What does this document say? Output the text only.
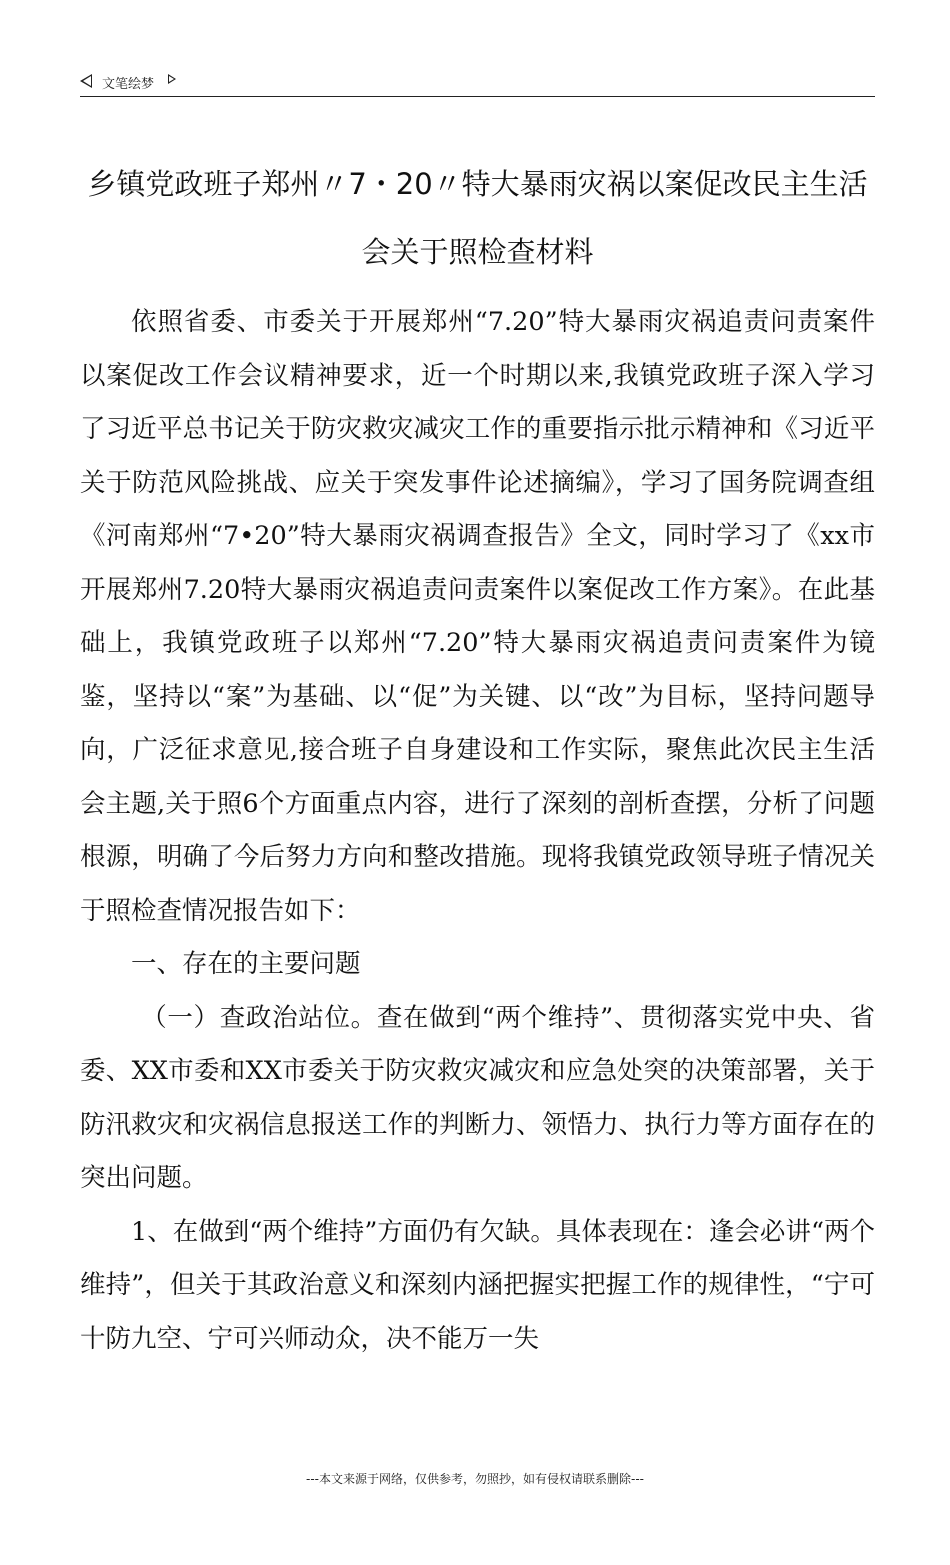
文笔绘梦
乡镇党政班子郑州〃7・20〃特大暴雨灾祸以案促改民主生活会关于照检查材料

依照省委、市委关于开展郑州“7.20”特大暴雨灾祸追责问责案件以案促改工作会议精神要求，近一个时期以来,我镇党政班子深入学习了习近平总书记关于防灾救灾减灾工作的重要指示批示精神和《习近平关于防范风险挑战、应关于突发事件论述摘编》，学习了国务院调查组《河南郑州“7•20”特大暴雨灾祸调查报告》全文，同时学习了《xx市开展郑州7.20特大暴雨灾祸追责问责案件以案促改工作方案》。在此基础上，我镇党政班子以郑州“7.20”特大暴雨灾祸追责问责案件为镜鉴，坚持以“案”为基础、以“促”为关键、以“改”为目标，坚持问题导向，广泛征求意见,接合班子自身建设和工作实际，聚焦此次民主生活会主题,关于照6个方面重点内容，进行了深刻的剖析查摆，分析了问题根源，明确了今后努力方向和整改措施。现将我镇党政领导班子情况关于照检查情况报告如下：

一、存在的主要问题

（一）查政治站位。查在做到“两个维持”、贯彻落实党中央、省委、XX市委和XX市委关于防灾救灾减灾和应急处突的决策部署，关于防汛救灾和灾祸信息报送工作的判断力、领悟力、执行力等方面存在的突出问题。

1、在做到“两个维持”方面仍有欠缺。具体表现在：逢会必讲“两个维持”，但关于其政治意义和深刻内涵把握实把握工作的规律性，“宁可十防九空、宁可兴师动众，决不能万一失

---本文来源于网络，仅供参考，勿照抄，如有侵权请联系删除---
